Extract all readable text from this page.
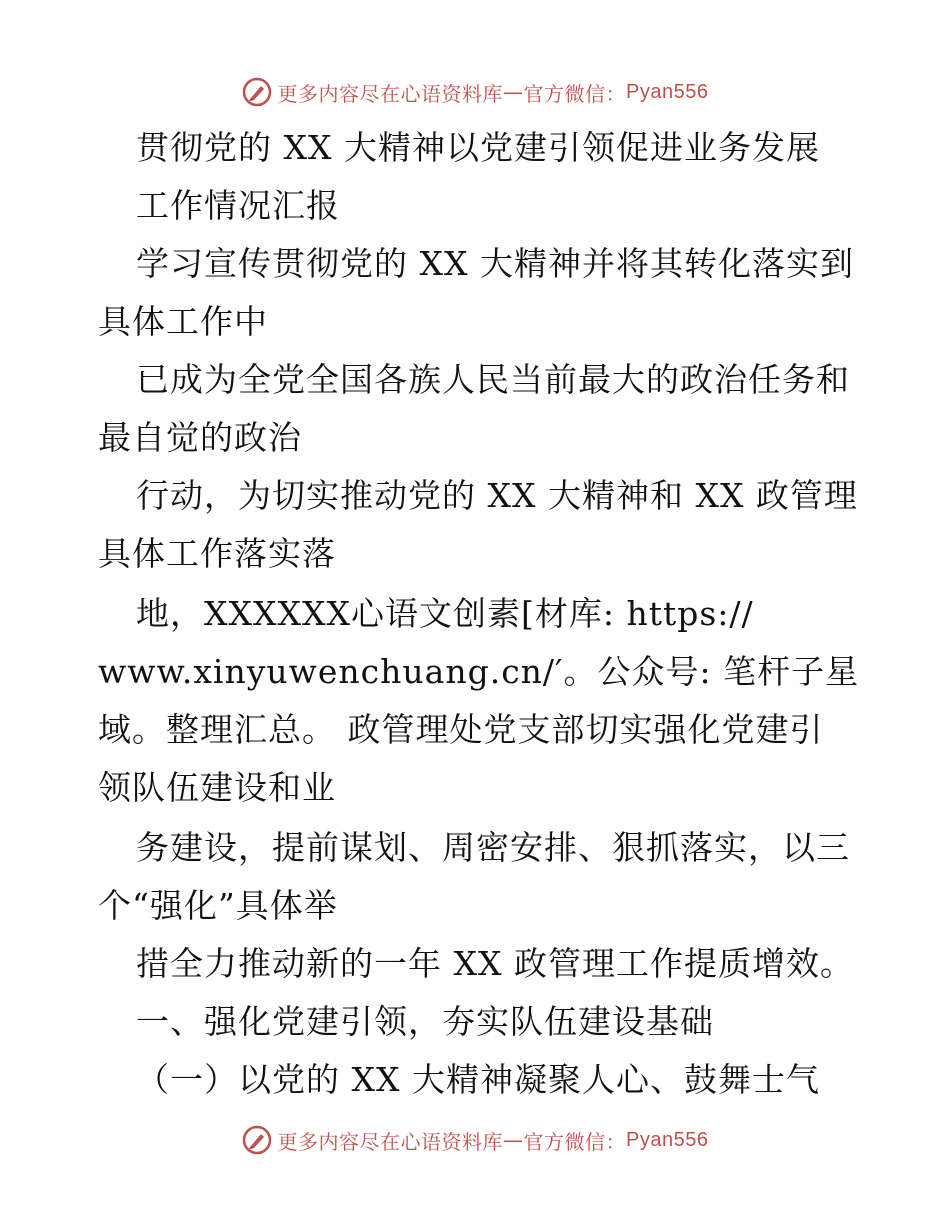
更多内容尽在心语资料库 — 官方微信： Pyan556
贯彻党的 XX 大精神以党建引领促进业务发展
工作情况汇报
学习宣传贯彻党的 XX 大精神并将其转化落实到
具体工作中
已成为全党全国各族人民当前最大的政治任务和
最自觉的政治
行动，为切实推动党的 XX 大精神和 XX 政管理
具体工作落实落
地，XXXXXX心语文创素[材库: https://
www.xinyuwenchuang.cn/′。公众号: 笔杆子星
域。整理汇总。 政管理处党支部切实强化党建引
领队伍建设和业
务建设，提前谋划、周密安排、狠抓落实，以三
个“强化”具体举
措全力推动新的一年 XX 政管理工作提质增效。
一、强化党建引领，夯实队伍建设基础
（一）以党的 XX 大精神凝聚人心、鼓舞士气
更多内容尽在心语资料库 — 官方微信： Pyan556
